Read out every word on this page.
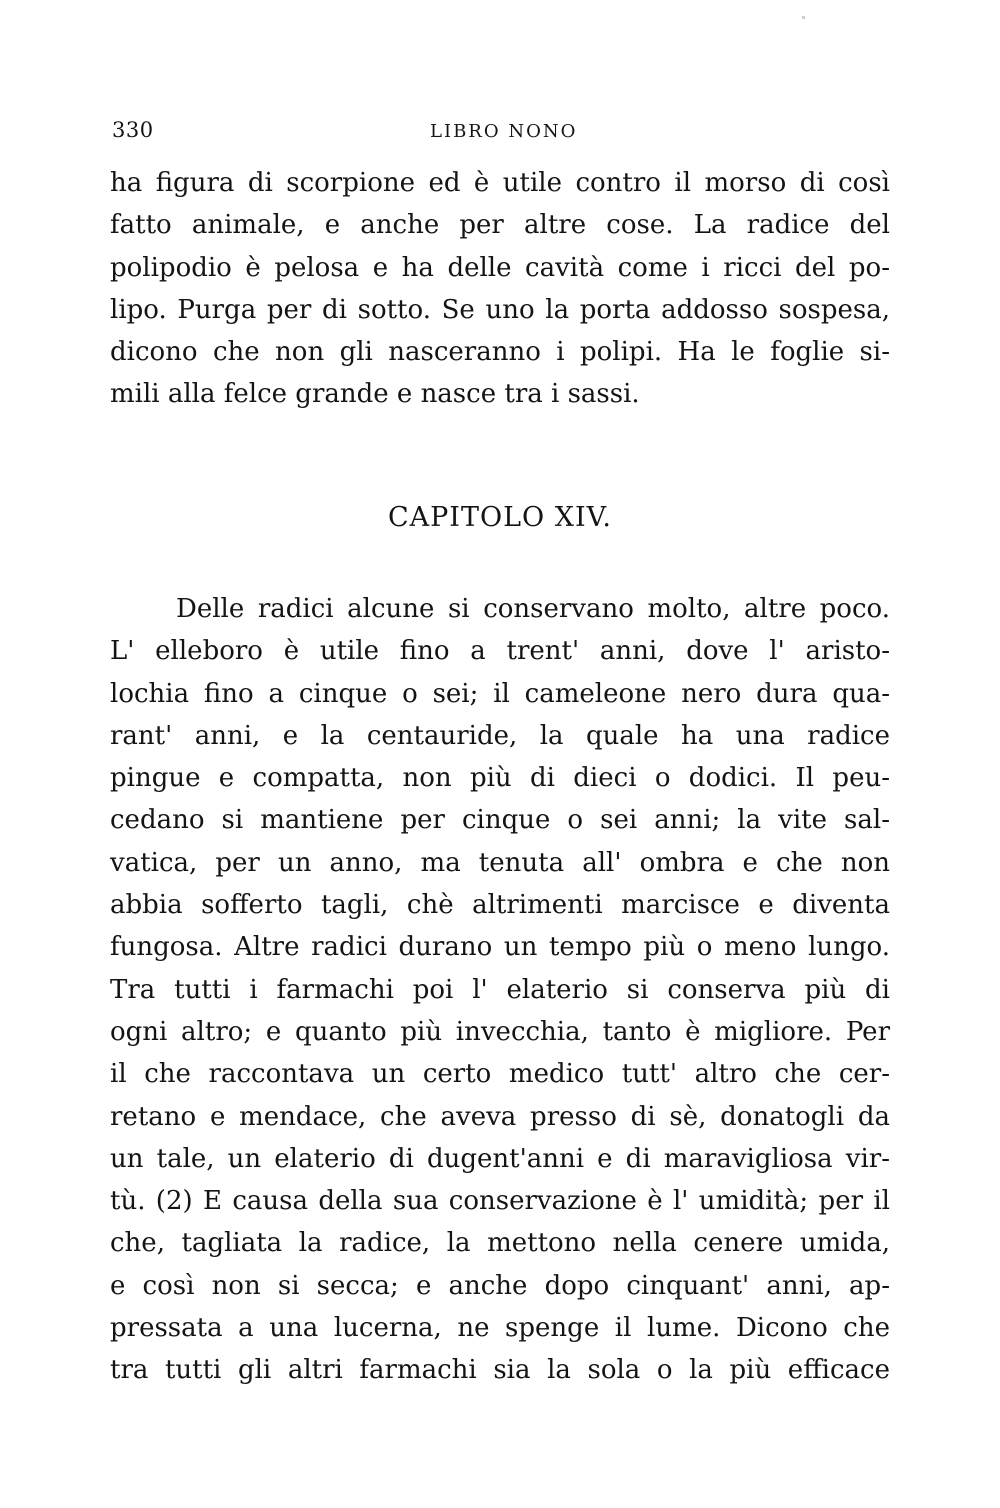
330	LIBRO NONO
ha figura di scorpione ed è utile contro il morso di così
fatto animale, e anche per altre cose. La radice del
polipodio è pelosa e ha delle cavità come i ricci del po-
lipo. Purga per di sotto. Se uno la porta addosso sospesa,
dicono che non gli nasceranno i polipi. Ha le foglie si-
mili alla felce grande e nasce tra i sassi.
CAPITOLO XIV.
Delle radici alcune si conservano molto, altre poco.
L' elleboro è utile fino a trent' anni, dove l' aristo-
lochia fino a cinque o sei; il cameleone nero dura qua-
rant' anni, e la centauride, la quale ha una radice
pingue e compatta, non più di dieci o dodici. Il peu-
cedano si mantiene per cinque o sei anni; la vite sal-
vatica, per un anno, ma tenuta all' ombra e che non
abbia sofferto tagli, chè altrimenti marcisce e diventa
fungosa. Altre radici durano un tempo più o meno lungo.
Tra tutti i farmachi poi l' elaterio si conserva più di
ogni altro; e quanto più invecchia, tanto è migliore. Per
il che raccontava un certo medico tutt' altro che cer-
retano e mendace, che aveva presso di sè, donatogli da
un tale, un elaterio di dugent'anni e di maravigliosa vir-
tù. (2) E causa della sua conservazione è l' umidità; per il
che, tagliata la radice, la mettono nella cenere umida,
e così non si secca; e anche dopo cinquant' anni, ap-
pressata a una lucerna, ne spenge il lume. Dicono che
tra tutti gli altri farmachi sia la sola o la più efficace
